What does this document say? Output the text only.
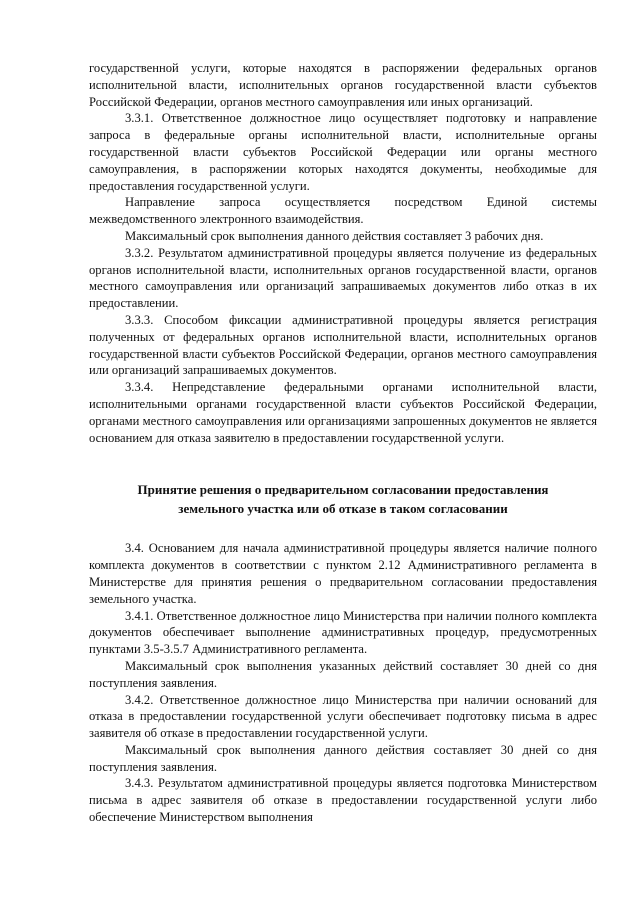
государственной услуги, которые находятся в распоряжении федеральных органов исполнительной власти, исполнительных органов государственной власти субъектов Российской Федерации, органов местного самоуправления или иных организаций.

3.3.1. Ответственное должностное лицо осуществляет подготовку и направление запроса в федеральные органы исполнительной власти, исполнительные органы государственной власти субъектов Российской Федерации или органы местного самоуправления, в распоряжении которых находятся документы, необходимые для предоставления государственной услуги.

Направление запроса осуществляется посредством Единой системы межведомственного электронного взаимодействия.

Максимальный срок выполнения данного действия составляет 3 рабочих дня.

3.3.2. Результатом административной процедуры является получение из федеральных органов исполнительной власти, исполнительных органов государственной власти, органов местного самоуправления или организаций запрашиваемых документов либо отказ в их предоставлении.

3.3.3. Способом фиксации административной процедуры является регистрация полученных от федеральных органов исполнительной власти, исполнительных органов государственной власти субъектов Российской Федерации, органов местного самоуправления или организаций запрашиваемых документов.

3.3.4. Непредставление федеральными органами исполнительной власти, исполнительными органами государственной власти субъектов Российской Федерации, органами местного самоуправления или организациями запрошенных документов не является основанием для отказа заявителю в предоставлении государственной услуги.

Принятие решения о предварительном согласовании предоставления
земельного участка или об отказе в таком согласовании

3.4. Основанием для начала административной процедуры является наличие полного комплекта документов в соответствии с пунктом 2.12 Административного регламента в Министерстве для принятия решения о предварительном согласовании предоставления земельного участка.

3.4.1. Ответственное должностное лицо Министерства при наличии полного комплекта документов обеспечивает выполнение административных процедур, предусмотренных пунктами 3.5-3.5.7 Административного регламента.

Максимальный срок выполнения указанных действий составляет 30 дней со дня поступления заявления.

3.4.2. Ответственное должностное лицо Министерства при наличии оснований для отказа в предоставлении государственной услуги обеспечивает подготовку письма в адрес заявителя об отказе в предоставлении государственной услуги.

Максимальный срок выполнения данного действия составляет 30 дней со дня поступления заявления.

3.4.3. Результатом административной процедуры является подготовка Министерством письма в адрес заявителя об отказе в предоставлении государственной услуги либо обеспечение Министерством выполнения
